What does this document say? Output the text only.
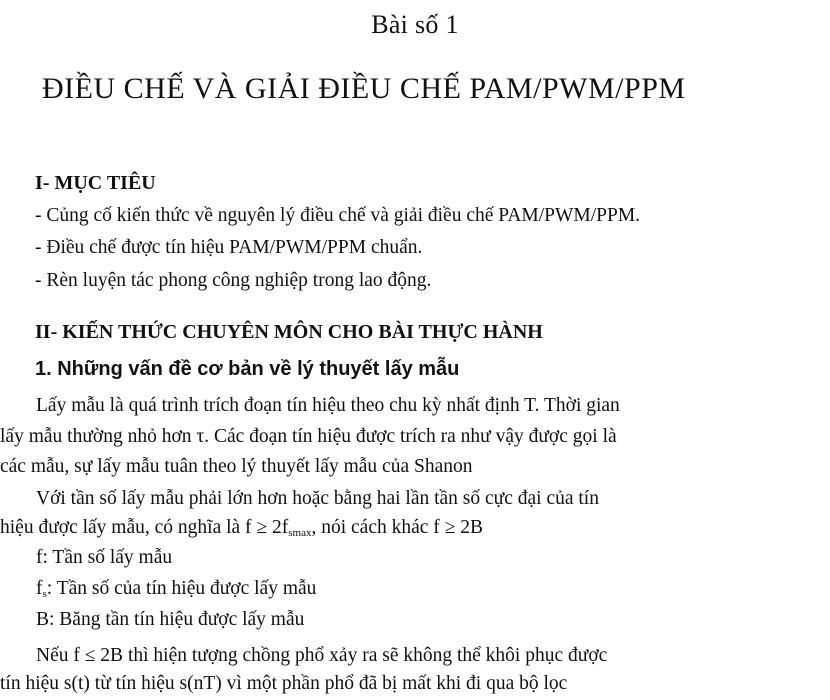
Bài số 1
ĐIỀU CHẾ VÀ GIẢI ĐIỀU CHẾ PAM/PWM/PPM
I- MỤC TIÊU
- Củng cố kiến thức về nguyên lý điều chế và giải điều chế PAM/PWM/PPM.
- Điều chế được tín hiệu PAM/PWM/PPM chuẩn.
- Rèn luyện tác phong công nghiệp trong lao động.
II- KIẾN THỨC CHUYÊN MÔN CHO BÀI THỰC HÀNH
1. Những vấn đề cơ bản về lý thuyết lấy mẫu
Lấy mẫu là quá trình trích đoạn tín hiệu theo chu kỳ nhất định T. Thời gian
lấy mẫu thường nhỏ hơn τ. Các đoạn tín hiệu được trích ra như vậy được gọi là
các mẫu, sự lấy mẫu tuân theo lý thuyết lấy mẫu của Shanon
Với tần số lấy mẫu phải lớn hơn hoặc bằng hai lần tần số cực đại của tín
hiệu được lấy mẫu, có nghĩa là $f \ge 2f_{smax}$, nói cách khác f ≥ 2B
f: Tần số lấy mẫu
$f_s$: Tần số của tín hiệu được lấy mẫu
B: Băng tần tín hiệu được lấy mẫu
Nếu f ≤ 2B thì hiện tượng chồng phổ xảy ra sẽ không thể khôi phục được
tín hiệu s(t) từ tín hiệu s(nT) vì một phần phổ đã bị mất khi đi qua bộ lọc
